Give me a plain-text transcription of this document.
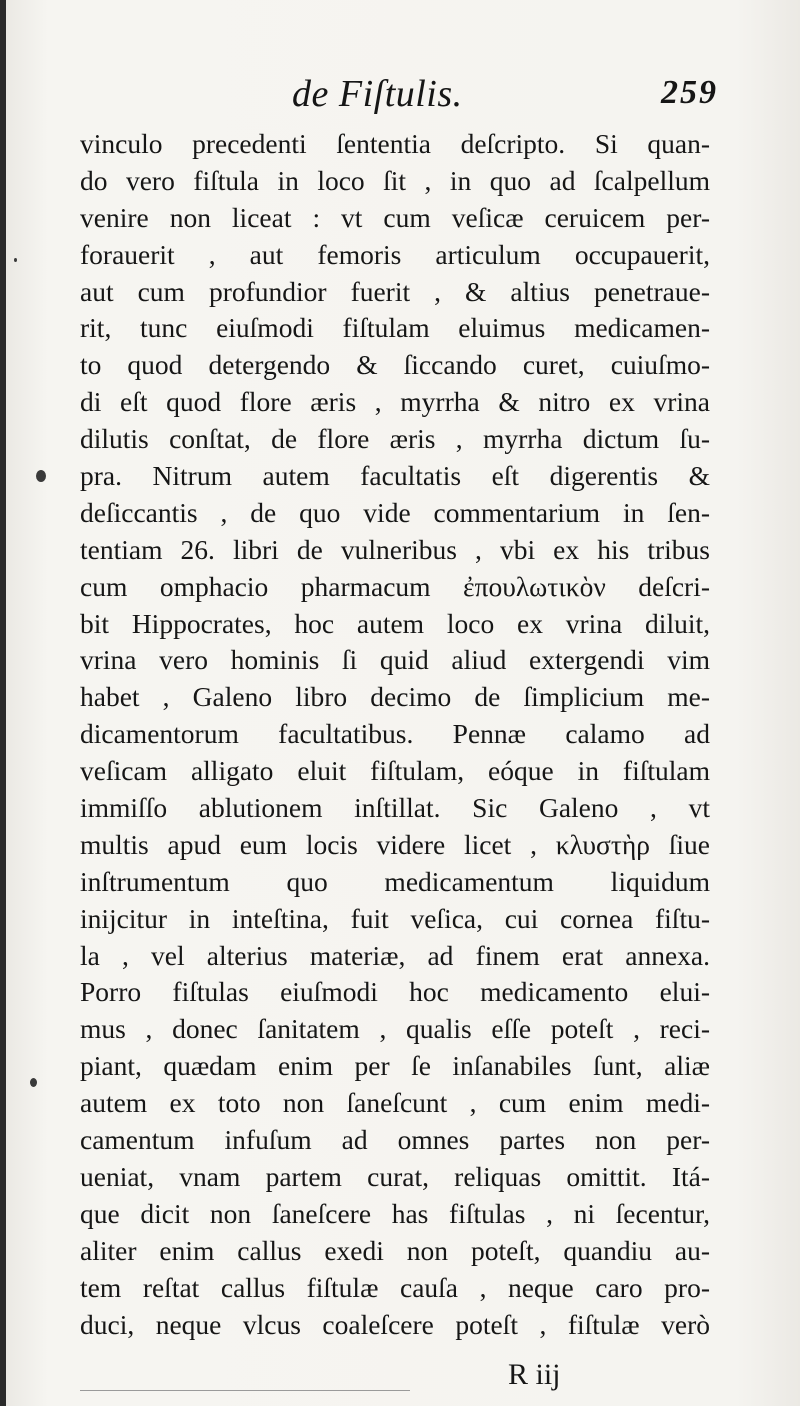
de Fiſtulis.	259
vinculo precedenti ſententia deſcripto. Si quan-
do vero fiſtula in loco ſit , in quo ad ſcalpellum
venire non liceat : vt cum veſicæ ceruicem per-
forauerit , aut femoris articulum occupauerit,
aut cum profundior fuerit , & altius penetraue-
rit, tunc eiuſmodi fiſtulam eluimus medicamen-
to quod detergendo & ſiccando curet, cuiuſmo-
di eſt quod flore æris , myrrha & nitro ex vrina
dilutis conſtat, de flore æris , myrrha dictum ſu-
pra. Nitrum autem facultatis eſt digerentis &
deſiccantis , de quo vide commentarium in ſen-
tentiam 26. libri de vulneribus , vbi ex his tribus
cum omphacio pharmacum ἐπουλωτικὸν deſcri-
bit Hippocrates, hoc autem loco ex vrina diluit,
vrina vero hominis ſi quid aliud extergendi vim
habet , Galeno libro decimo de ſimplicium me-
dicamentorum facultatibus. Pennæ calamo ad
veſicam alligato eluit fiſtulam, eóque in fiſtulam
immiſſo ablutionem inſtillat. Sic Galeno , vt
multis apud eum locis videre licet , κλυστὴρ ſiue
inſtrumentum quo medicamentum liquidum
inijcitur in inteſtina, fuit veſica, cui cornea fiſtu-
la , vel alterius materiæ, ad finem erat annexa.
Porro fiſtulas eiuſmodi hoc medicamento elui-
mus , donec ſanitatem , qualis eſſe poteſt , reci-
piant, quædam enim per ſe inſanabiles ſunt, aliæ
autem ex toto non ſaneſcunt , cum enim medi-
camentum infuſum ad omnes partes non per-
ueniat, vnam partem curat, reliquas omittit. Itá-
que dicit non ſaneſcere has fiſtulas , ni ſecentur,
aliter enim callus exedi non poteſt, quandiu au-
tem reſtat callus fiſtulæ cauſa , neque caro pro-
duci, neque vlcus coaleſcere poteſt , fiſtulæ verò
R iij
